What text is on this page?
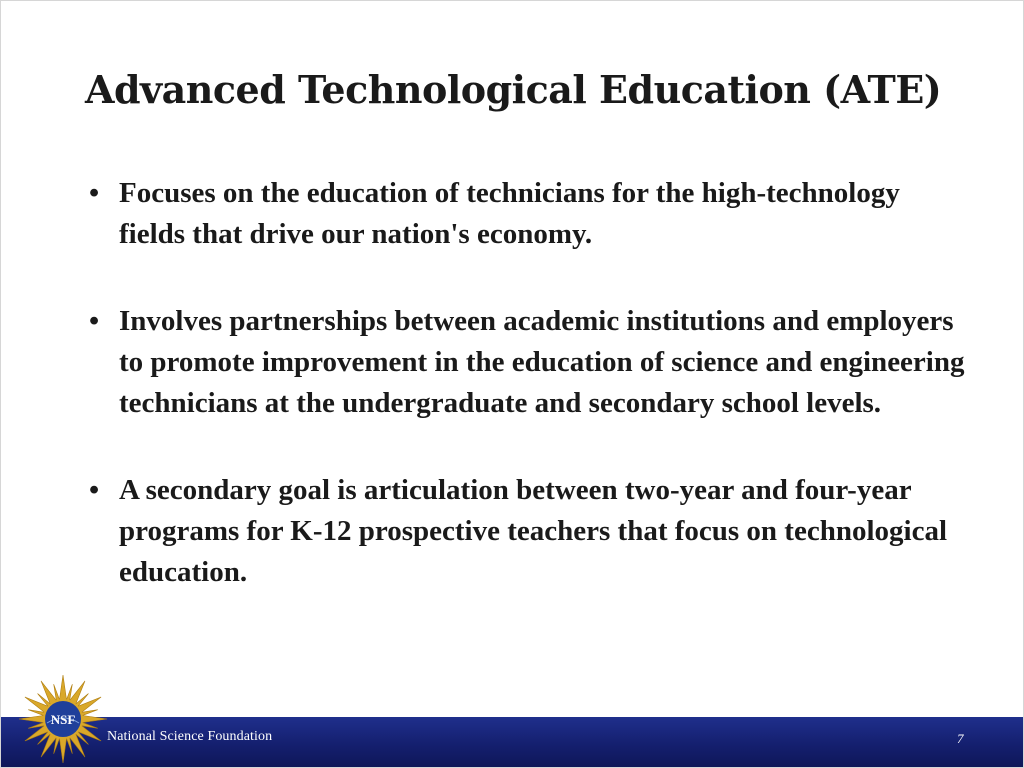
Advanced Technological Education (ATE)
• Focuses on the education of technicians for the high-technology fields that drive our nation's economy.
• Involves partnerships between academic institutions and employers to promote improvement in the education of science and engineering technicians at the undergraduate and secondary school levels.
• A secondary goal is articulation between two-year and four-year programs for K-12 prospective teachers that focus on technological education.
NSF
National Science Foundation	7
